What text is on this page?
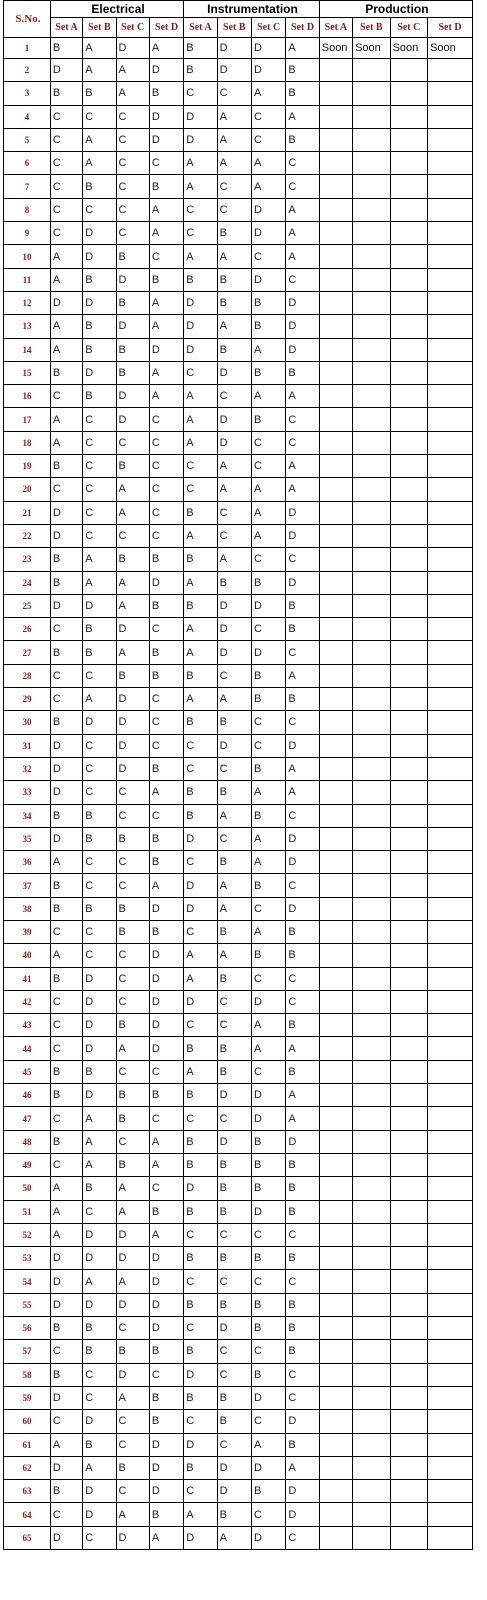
S.No.	Electrical				Instrumentation				Production			
	Set A	Set B	Set C	Set D	Set A	Set B	Set C	Set D	Set A	Set B	Set C	Set D
1	B	A	D	A	B	D	D	A	Soon	Soon	Soon	Soon
2	D	A	A	D	B	D	D	B				
3	B	B	A	B	C	C	A	B				
4	C	C	C	D	D	A	C	A				
5	C	A	C	D	D	A	C	B				
6	C	A	C	C	A	A	A	C				
7	C	B	C	B	A	C	A	C				
8	C	C	C	A	C	C	D	A				
9	C	D	C	A	C	B	D	A				
10	A	D	B	C	A	A	C	A				
11	A	B	D	B	B	B	D	C				
12	D	D	B	A	D	B	B	D				
13	A	B	D	A	D	A	B	D				
14	A	B	B	D	D	B	A	D				
15	B	D	B	A	C	D	B	B				
16	C	B	D	A	A	C	A	A				
17	A	C	D	C	A	D	B	C				
18	A	C	C	C	A	D	C	C				
19	B	C	B	C	C	A	C	A				
20	C	C	A	C	C	A	A	A				
21	D	C	A	C	B	C	A	D				
22	D	C	C	C	A	C	A	D				
23	B	A	B	B	B	A	C	C				
24	B	A	A	D	A	B	B	D				
25	D	D	A	B	B	D	D	B				
26	C	B	D	C	A	D	C	B				
27	B	B	A	B	A	D	D	C				
28	C	C	B	B	B	C	B	A				
29	C	A	D	C	A	A	B	B				
30	B	D	D	C	B	B	C	C				
31	D	C	D	C	C	D	C	D				
32	D	C	D	B	C	C	B	A				
33	D	C	C	A	B	B	A	A				
34	B	B	C	C	B	A	B	C				
35	D	B	B	B	D	C	A	D				
36	A	C	C	B	C	B	A	D				
37	B	C	C	A	D	A	B	C				
38	B	B	B	D	D	A	C	D				
39	C	C	B	B	C	B	A	B				
40	A	C	C	D	A	A	B	B				
41	B	D	C	D	A	B	C	C				
42	C	D	C	D	D	C	D	C				
43	C	D	B	D	C	C	A	B				
44	C	D	A	D	B	B	A	A				
45	B	B	C	C	A	B	C	B				
46	B	D	B	B	B	D	D	A				
47	C	A	B	C	C	C	D	A				
48	B	A	C	A	B	D	B	D				
49	C	A	B	A	B	B	B	B				
50	A	B	A	C	D	B	B	B				
51	A	C	A	B	B	B	D	B				
52	A	D	D	A	C	C	C	C				
53	D	D	D	D	B	B	B	B				
54	D	A	A	D	C	C	C	C				
55	D	D	D	D	B	B	B	B				
56	B	B	C	D	C	D	B	B				
57	C	B	B	B	B	C	C	B				
58	B	C	D	C	D	C	B	C				
59	D	C	A	B	B	B	D	C				
60	C	D	C	B	C	B	C	D				
61	A	B	C	D	D	C	A	B				
62	D	A	B	D	B	D	D	A				
63	B	D	C	D	C	D	B	D				
64	C	D	A	B	A	B	C	D				
65	D	C	D	A	D	A	D	C				
